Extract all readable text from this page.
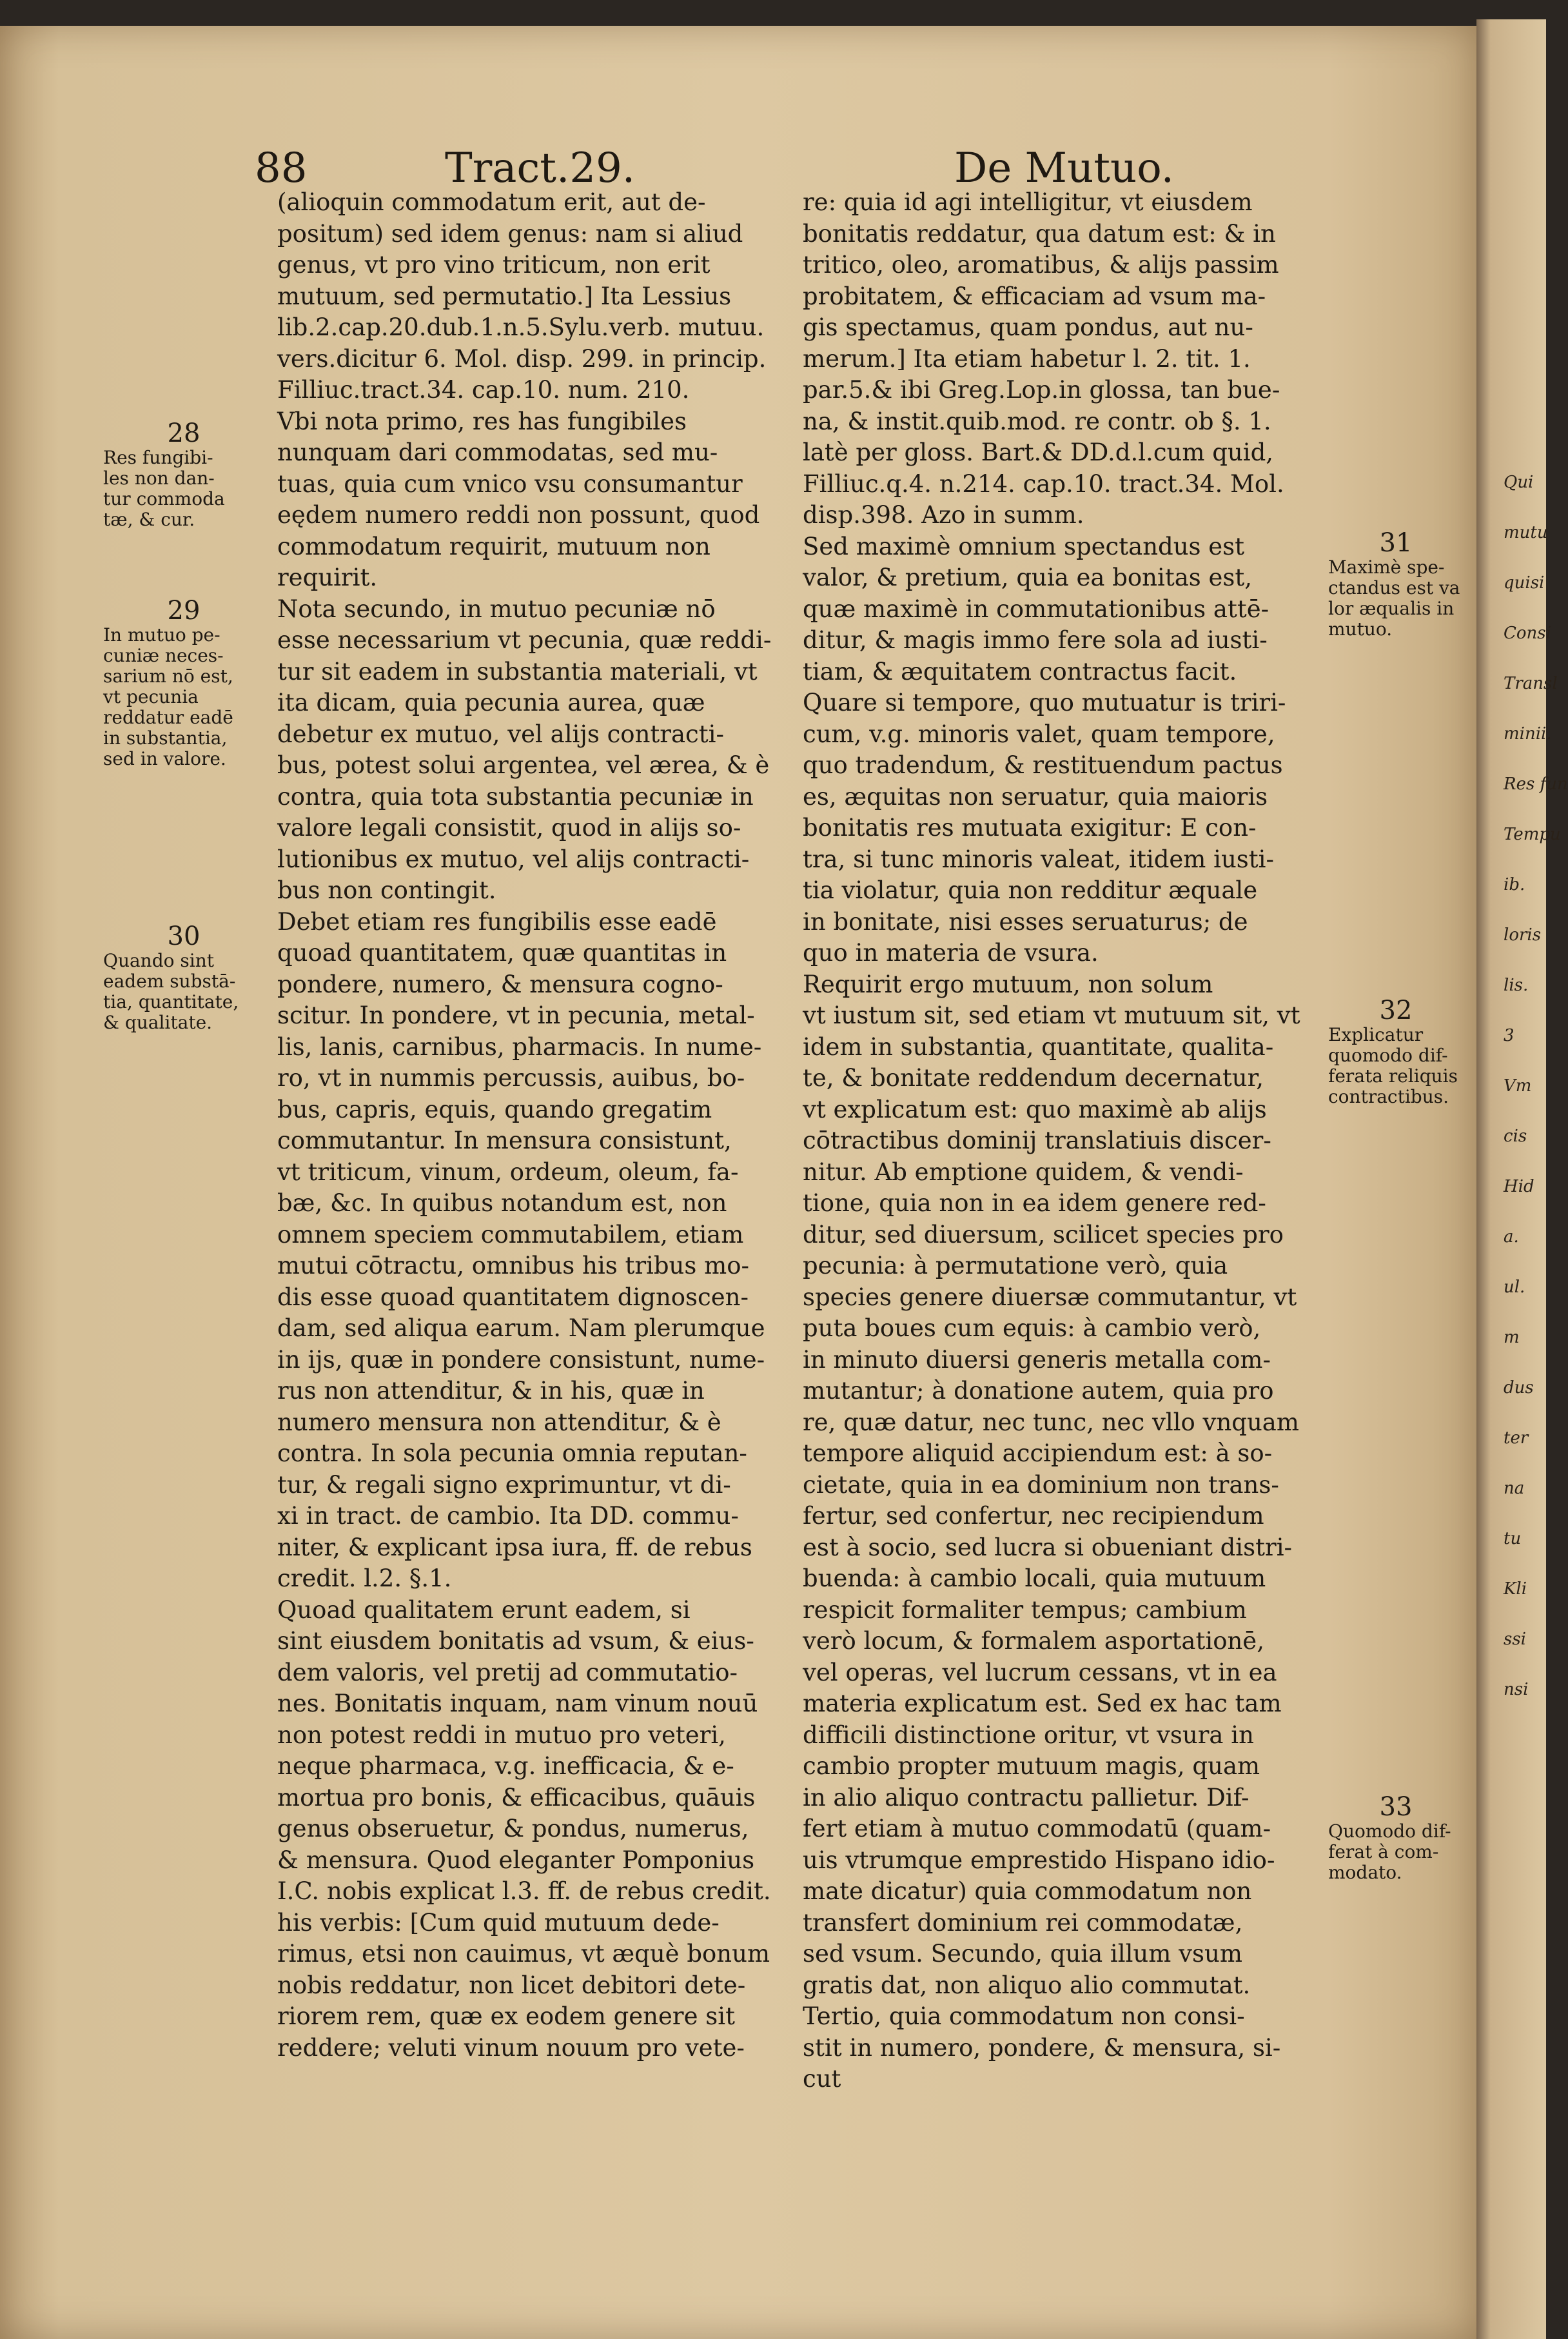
Qui
mutu
quisi
Consi
Transl
minii.
Res fun
Tempu
ib.
loris
lis.
3
Vm
cis
Hid
a.
ul.
m
dus
ter
na
tu
Kli
ssi
nsi
88	Tract.29.	De Mutuo.
(alioquin commodatum erit, aut de-
positum) sed idem genus: nam si aliud
genus, vt pro vino triticum, non erit
mutuum, sed permutatio.] Ita Lessius
lib.2.cap.20.dub.1.n.5.Sylu.verb. mutuu.
vers.dicitur 6. Mol. disp. 299. in princip.
Filliuc.tract.34. cap.10. num. 210.
Vbi nota primo, res has fungibiles
nunquam dari commodatas, sed mu-
tuas, quia cum vnico vsu consumantur
eędem numero reddi non possunt, quod
commodatum requirit, mutuum non
requirit.
Nota secundo, in mutuo pecuniæ nō
esse necessarium vt pecunia, quæ reddi-
tur sit eadem in substantia materiali, vt
ita dicam, quia pecunia aurea, quæ
debetur ex mutuo, vel alijs contracti-
bus, potest solui argentea, vel ærea, & è
contra, quia tota substantia pecuniæ in
valore legali consistit, quod in alijs so-
lutionibus ex mutuo, vel alijs contracti-
bus non contingit.
Debet etiam res fungibilis esse eadē
quoad quantitatem, quæ quantitas in
pondere, numero, & mensura cogno-
scitur. In pondere, vt in pecunia, metal-
lis, lanis, carnibus, pharmacis. In nume-
ro, vt in nummis percussis, auibus, bo-
bus, capris, equis, quando gregatim
commutantur. In mensura consistunt,
vt triticum, vinum, ordeum, oleum, fa-
bæ, &c. In quibus notandum est, non
omnem speciem commutabilem, etiam
mutui cōtractu, omnibus his tribus mo-
dis esse quoad quantitatem dignoscen-
dam, sed aliqua earum. Nam plerumque
in ijs, quæ in pondere consistunt, nume-
rus non attenditur, & in his, quæ in
numero mensura non attenditur, & è
contra. In sola pecunia omnia reputan-
tur, & regali signo exprimuntur, vt di-
xi in tract. de cambio. Ita DD. commu-
niter, & explicant ipsa iura, ff. de rebus
credit. l.2. §.1.
Quoad qualitatem erunt eadem, si
sint eiusdem bonitatis ad vsum, & eius-
dem valoris, vel pretij ad commutatio-
nes. Bonitatis inquam, nam vinum nouū
non potest reddi in mutuo pro veteri,
neque pharmaca, v.g. inefficacia, & e-
mortua pro bonis, & efficacibus, quāuis
genus obseruetur, & pondus, numerus,
& mensura. Quod eleganter Pomponius
I.C. nobis explicat l.3. ff. de rebus credit.
his verbis: [Cum quid mutuum dede-
rimus, etsi non cauimus, vt æquè bonum
nobis reddatur, non licet debitori dete-
riorem rem, quæ ex eodem genere sit
reddere; veluti vinum nouum pro vete-
re: quia id agi intelligitur, vt eiusdem
bonitatis reddatur, qua datum est: & in
tritico, oleo, aromatibus, & alijs passim
probitatem, & efficaciam ad vsum ma-
gis spectamus, quam pondus, aut nu-
merum.] Ita etiam habetur l. 2. tit. 1.
par.5.& ibi Greg.Lop.in glossa, tan bue-
na, & instit.quib.mod. re contr. ob §. 1.
latè per gloss. Bart.& DD.d.l.cum quid,
Filliuc.q.4. n.214. cap.10. tract.34. Mol.
disp.398. Azo in summ.
Sed maximè omnium spectandus est
valor, & pretium, quia ea bonitas est,
quæ maximè in commutationibus attē-
ditur, & magis immo fere sola ad iusti-
tiam, & æquitatem contractus facit.
Quare si tempore, quo mutuatur is triri-
cum, v.g. minoris valet, quam tempore,
quo tradendum, & restituendum pactus
es, æquitas non seruatur, quia maioris
bonitatis res mutuata exigitur: E con-
tra, si tunc minoris valeat, itidem iusti-
tia violatur, quia non redditur æquale
in bonitate, nisi esses seruaturus; de
quo in materia de vsura.
Requirit ergo mutuum, non solum
vt iustum sit, sed etiam vt mutuum sit, vt
idem in substantia, quantitate, qualita-
te, & bonitate reddendum decernatur,
vt explicatum est: quo maximè ab alijs
cōtractibus dominij translatiuis discer-
nitur. Ab emptione quidem, & vendi-
tione, quia non in ea idem genere red-
ditur, sed diuersum, scilicet species pro
pecunia: à permutatione verò, quia
species genere diuersæ commutantur, vt
puta boues cum equis: à cambio verò,
in minuto diuersi generis metalla com-
mutantur; à donatione autem, quia pro
re, quæ datur, nec tunc, nec vllo vnquam
tempore aliquid accipiendum est: à so-
cietate, quia in ea dominium non trans-
fertur, sed confertur, nec recipiendum
est à socio, sed lucra si obueniant distri-
buenda: à cambio locali, quia mutuum
respicit formaliter tempus; cambium
verò locum, & formalem asportationē,
vel operas, vel lucrum cessans, vt in ea
materia explicatum est. Sed ex hac tam
difficili distinctione oritur, vt vsura in
cambio propter mutuum magis, quam
in alio aliquo contractu pallietur. Dif-
fert etiam à mutuo commodatū (quam-
uis vtrumque emprestido Hispano idio-
mate dicatur) quia commodatum non
transfert dominium rei commodatæ,
sed vsum. Secundo, quia illum vsum
gratis dat, non aliquo alio commutat.
Tertio, quia commodatum non consi-
stit in numero, pondere, & mensura, si-
cut
28
Res fungibi-
les non dan-
tur commoda
tæ, & cur.
29
In mutuo pe-
cuniæ neces-
sarium nō est,
vt pecunia
reddatur eadē
in substantia,
sed in valore.
30
Quando sint
eadem substā-
tia, quantitate,
& qualitate.
31
Maximè spe-
ctandus est va
lor æqualis in
mutuo.
32
Explicatur
quomodo dif-
ferata reliquis
contractibus.
33
Quomodo dif-
ferat à com-
modato.
